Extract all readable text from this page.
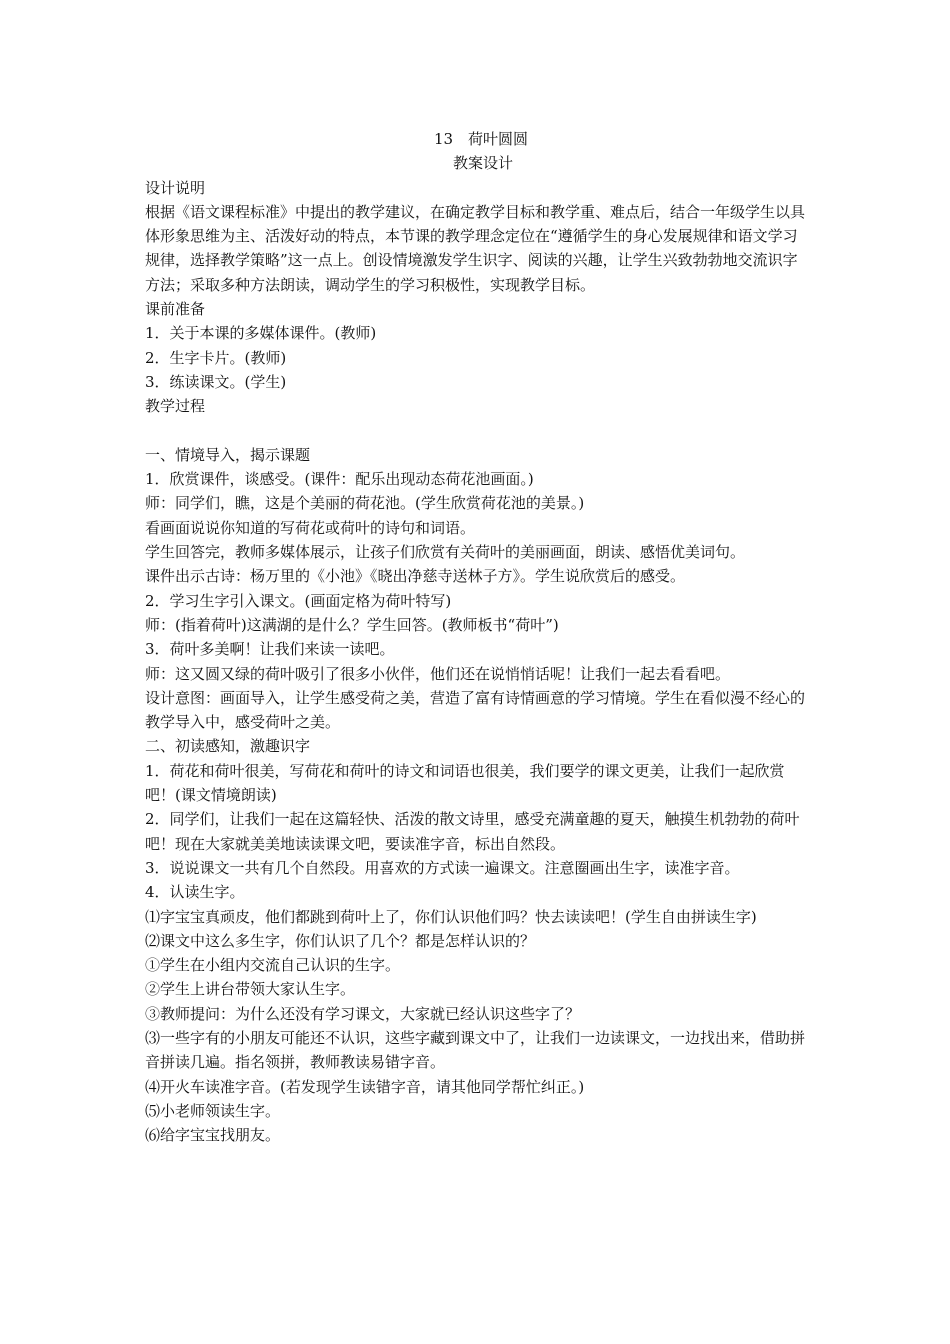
13　荷叶圆圆
教案设计
设计说明
根据《语文课程标准》中提出的教学建议，在确定教学目标和教学重、难点后，结合一年级学生以具体形象思维为主、活泼好动的特点，本节课的教学理念定位在“遵循学生的身心发展规律和语文学习规律，选择教学策略”这一点上。创设情境激发学生识字、阅读的兴趣，让学生兴致勃勃地交流识字方法；采取多种方法朗读，调动学生的学习积极性，实现教学目标。
课前准备
1．关于本课的多媒体课件。(教师)
2．生字卡片。(教师)
3．练读课文。(学生)
教学过程
一、情境导入，揭示课题
1．欣赏课件，谈感受。(课件：配乐出现动态荷花池画面。)
师：同学们，瞧，这是个美丽的荷花池。(学生欣赏荷花池的美景。)
看画面说说你知道的写荷花或荷叶的诗句和词语。
学生回答完，教师多媒体展示，让孩子们欣赏有关荷叶的美丽画面，朗读、感悟优美词句。
课件出示古诗：杨万里的《小池》《晓出净慈寺送林子方》。学生说欣赏后的感受。
2．学习生字引入课文。(画面定格为荷叶特写)
师：(指着荷叶)这满湖的是什么？学生回答。(教师板书“荷叶”)
3．荷叶多美啊！让我们来读一读吧。
师：这又圆又绿的荷叶吸引了很多小伙伴，他们还在说悄悄话呢！让我们一起去看看吧。
设计意图：画面导入，让学生感受荷之美，营造了富有诗情画意的学习情境。学生在看似漫不经心的教学导入中，感受荷叶之美。
二、初读感知，激趣识字
1．荷花和荷叶很美，写荷花和荷叶的诗文和词语也很美，我们要学的课文更美，让我们一起欣赏吧！(课文情境朗读)
2．同学们，让我们一起在这篇轻快、活泼的散文诗里，感受充满童趣的夏天，触摸生机勃勃的荷叶吧！现在大家就美美地读读课文吧，要读准字音，标出自然段。
3．说说课文一共有几个自然段。用喜欢的方式读一遍课文。注意圈画出生字，读准字音。
4．认读生字。
⑴字宝宝真顽皮，他们都跳到荷叶上了，你们认识他们吗？快去读读吧！(学生自由拼读生字)
⑵课文中这么多生字，你们认识了几个？都是怎样认识的？
①学生在小组内交流自己认识的生字。
②学生上讲台带领大家认生字。
③教师提问：为什么还没有学习课文，大家就已经认识这些字了？
⑶一些字有的小朋友可能还不认识，这些字藏到课文中了，让我们一边读课文，一边找出来，借助拼音拼读几遍。指名领拼，教师教读易错字音。
⑷开火车读准字音。(若发现学生读错字音，请其他同学帮忙纠正。)
⑸小老师领读生字。
⑹给字宝宝找朋友。
